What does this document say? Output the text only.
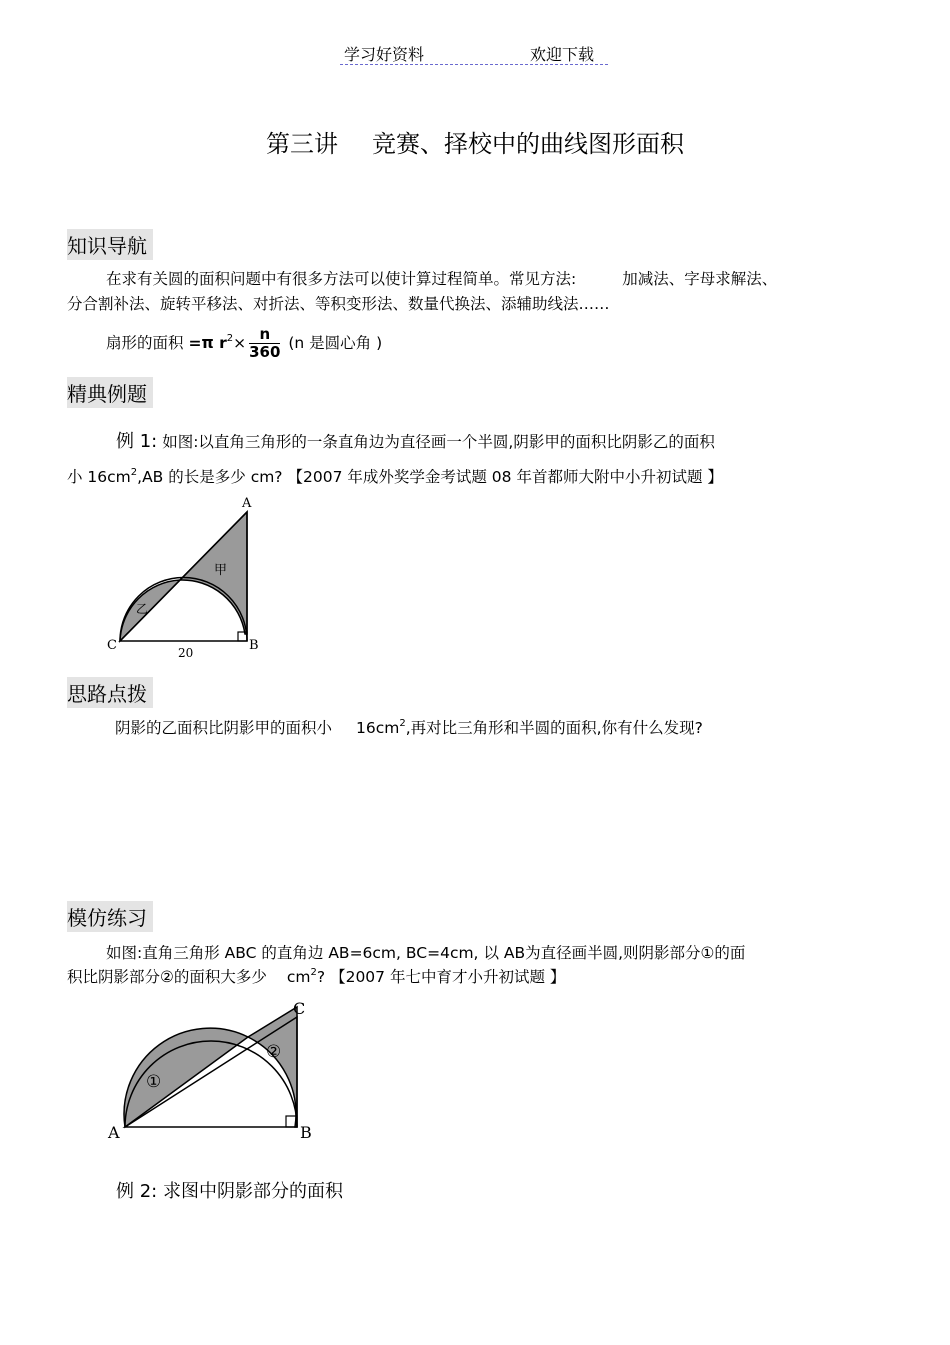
学习好资料	欢迎下载
第三讲 竞赛、择校中的曲线图形面积
知识导航
在求有关圆的面积问题中有很多方法可以使计算过程简单。常见方法:	加减法、字母求解法、
分合割补法、旋转平移法、对折法、等积变形法、数量代换法、添辅助线法……
扇形的面积 =π $r^2\times \frac{n}{360} (n$ 是圆心角 )
精典例题
例 1: 如图:以直角三角形的一条直角边为直径画一个半圆,阴影甲的面积比阴影乙的面积
小 $16cm^2,AB$ 的长是多少 cm? 【2007 年成外奖学金考试题 08 年首都师大附中小升初试题 】
A
B
C
甲
乙
20
思路点拨
阴影的乙面积比阴影甲的面积小 $16cm^2$,再对比三角形和半圆的面积,你有什么发现?
模仿练习
如图:直角三角形 ABC 的直角边 AB=6cm, BC=4cm, 以 AB为直径画半圆,则阴影部分①的面
积比阴影部分②的面积大多少 $cm^2$? 【2007 年七中育才小升初试题 】
C
B
A
①
②
例 2: 求图中阴影部分的面积
